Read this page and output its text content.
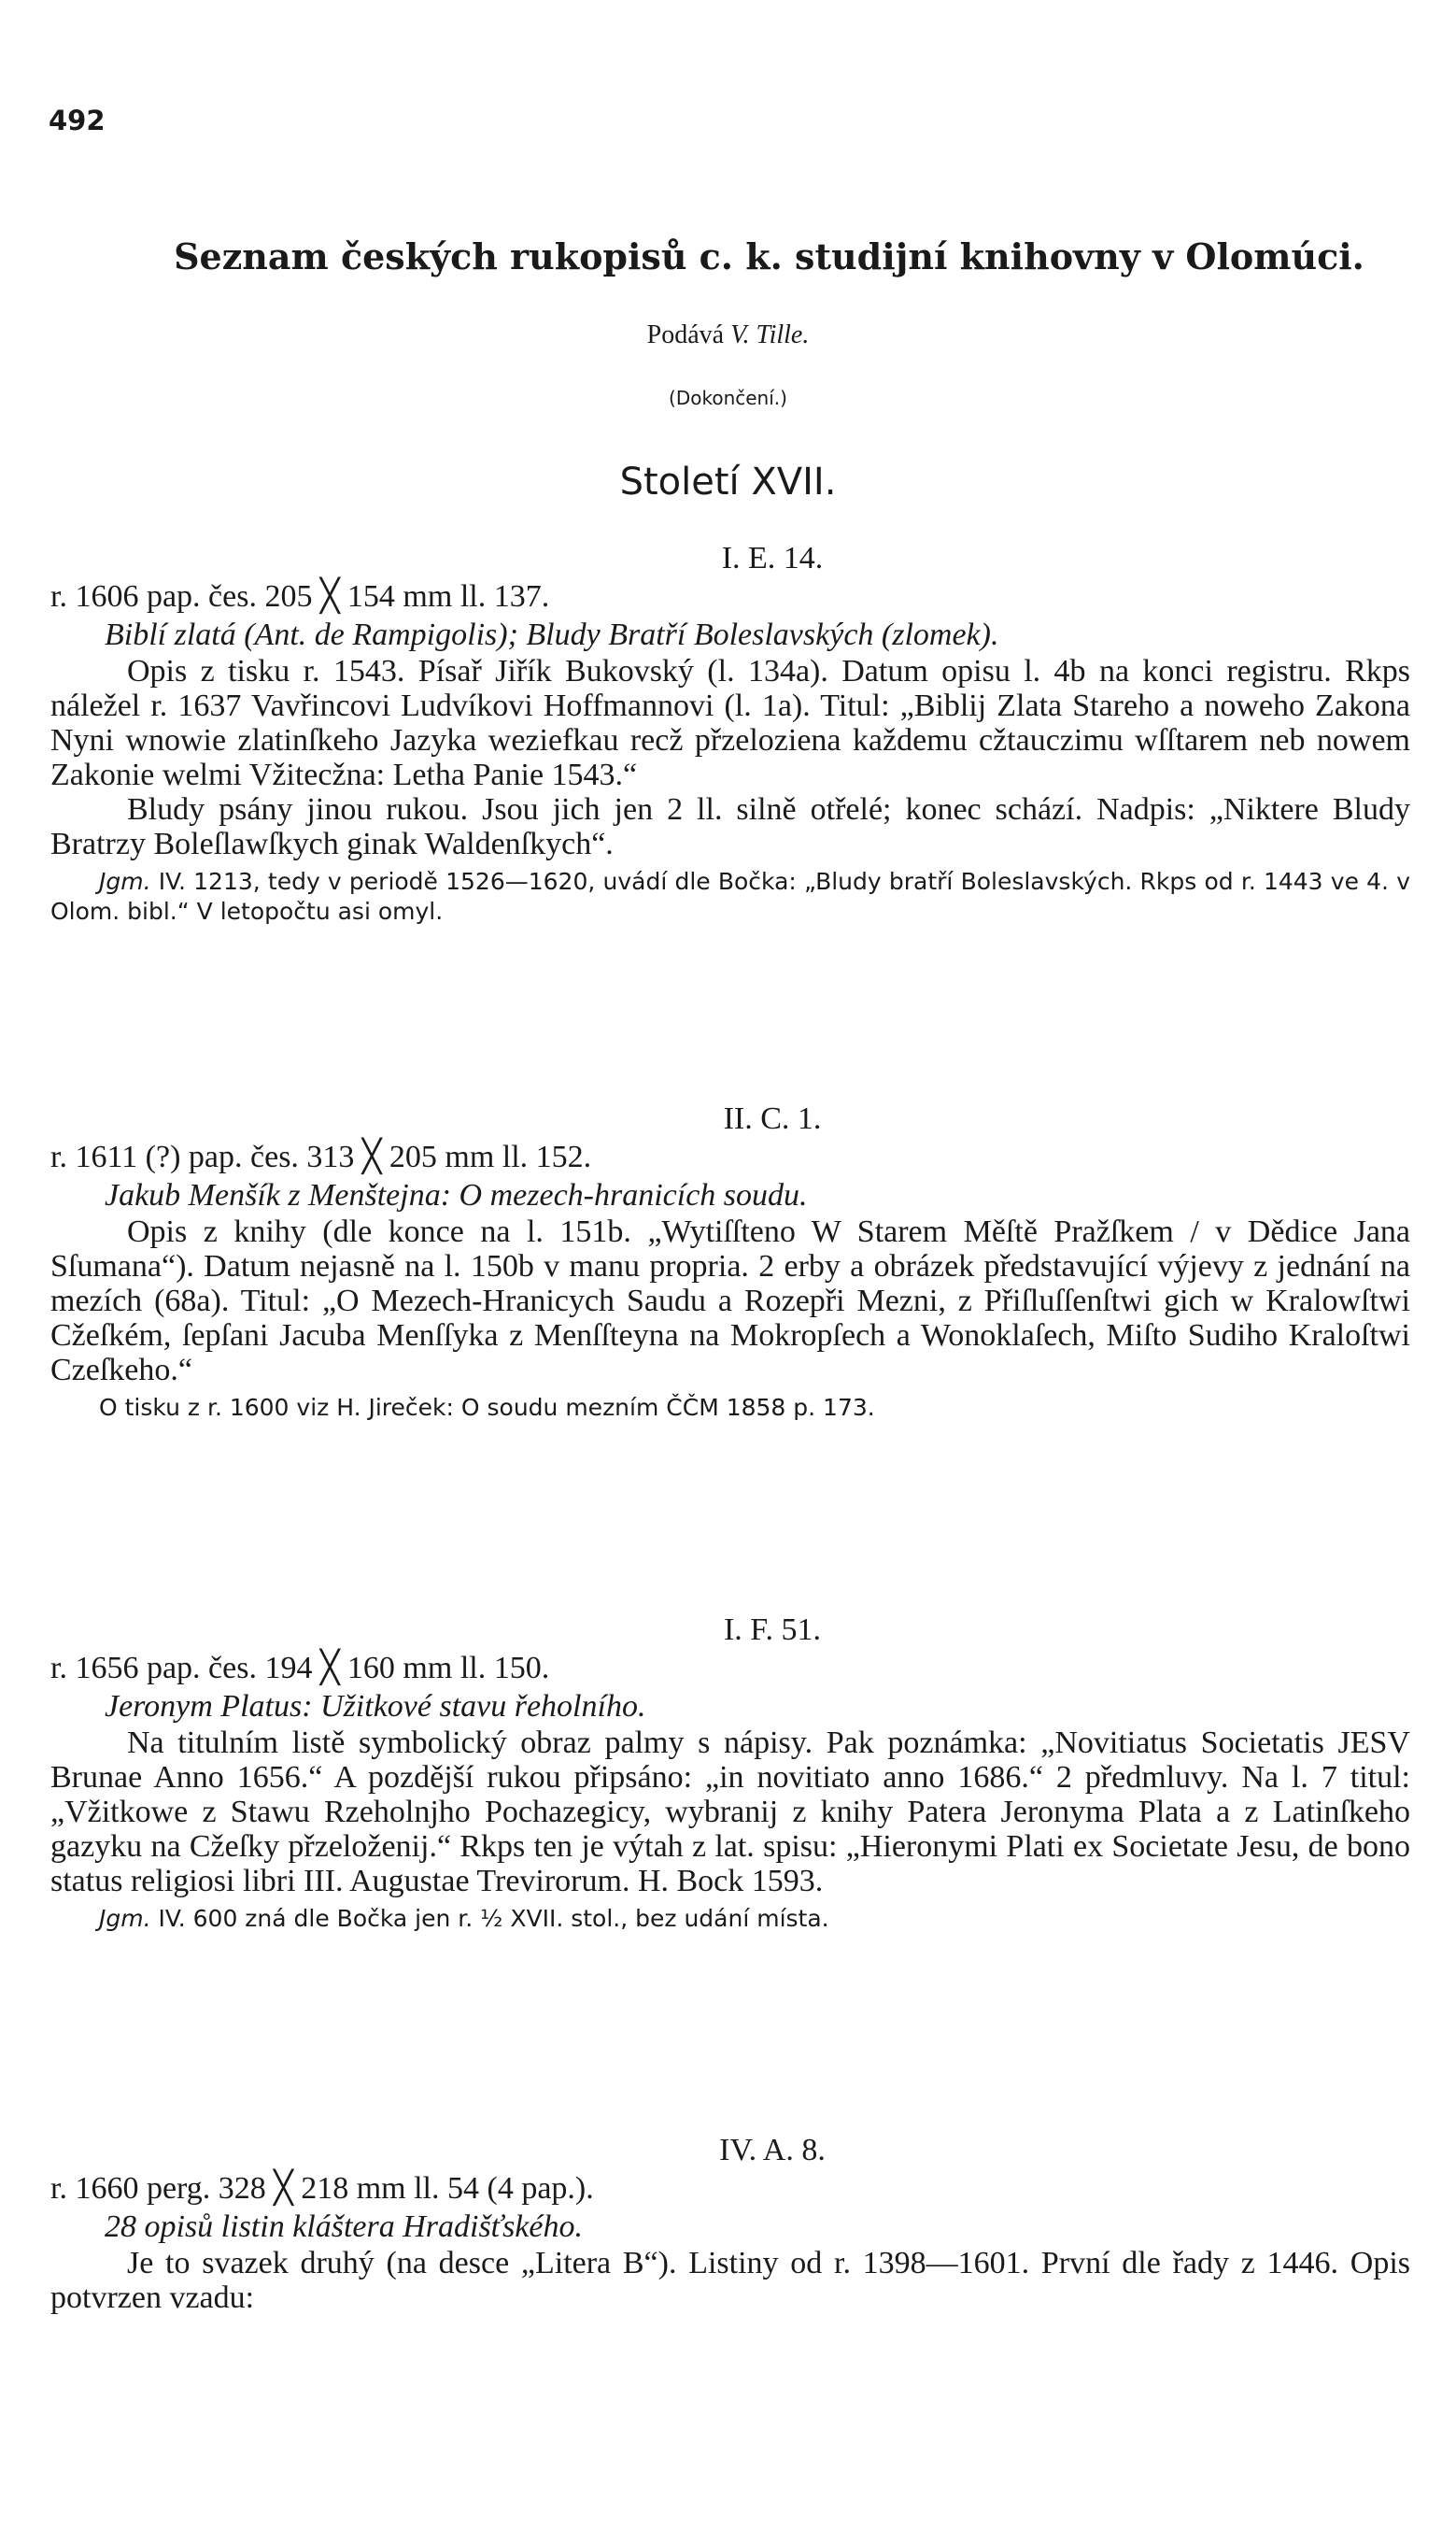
492
Seznam českých rukopisů c. k. studijní knihovny v Olomúci.
Podává V. Tille.
(Dokončení.)
Století XVII.
I. E. 14.
r. 1606 pap. čes. 205 ╳ 154 mm ll. 137.
Biblí zlatá (Ant. de Rampigolis); Bludy Bratří Boleslavských (zlomek).

Opis z tisku r. 1543. Písař Jiřík Bukovský (l. 134a). Datum opisu l. 4b na konci registru. Rkps náležel r. 1637 Vavřincovi Ludvíkovi Hoffmannovi (l. 1a). Titul: „Biblij Zlata Stareho a noweho Zakona Nyni wnowie zlatinſkeho Jazyka weziefkau recž přzeloziena každemu cžtauczimu wſſtarem neb nowem Zakonie welmi Vžitecžna: Letha Panie 1543.“

Bludy psány jinou rukou. Jsou jich jen 2 ll. silně otřelé; konec schází. Nadpis: „Niktere Bludy Bratrzy Boleſlawſkych ginak Waldenſkych“.

Jgm. IV. 1213, tedy v periodě 1526—1620, uvádí dle Bočka: „Bludy bratří Boleslavských. Rkps od r. 1443 ve 4. v Olom. bibl.“ V letopočtu asi omyl.
II. C. 1.
r. 1611 (?) pap. čes. 313 ╳ 205 mm ll. 152.
Jakub Menšík z Menštejna: O mezech-hranicích soudu.

Opis z knihy (dle konce na l. 151b. „Wytiſſteno W Starem Měſtě Pražſkem / v Dědice Jana Sſumana“). Datum nejasně na l. 150b v manu propria. 2 erby a obrázek představující výjevy z jednání na mezích (68a). Titul: „O Mezech-Hranicych Saudu a Rozepři Mezni, z Přiſluſſenſtwi gich w Kralowſtwi Cžeſkém, ſepſani Jacuba Menſſyka z Menſſteyna na Mokropſech a Wonoklaſech, Miſto Sudiho Kraloſtwi Czeſkeho.“

O tisku z r. 1600 viz H. Jireček: O soudu mezním ČČM 1858 p. 173.
I. F. 51.
r. 1656 pap. čes. 194 ╳ 160 mm ll. 150.
Jeronym Platus: Užitkové stavu řeholního.

Na titulním listě symbolický obraz palmy s nápisy. Pak poznámka: „Novitiatus Societatis JESV Brunae Anno 1656.“ A pozdější rukou připsáno: „in novitiato anno 1686.“ 2 předmluvy. Na l. 7 titul: „Vžitkowe z Stawu Rzeholnjho Pochazegicy, wybranij z knihy Patera Jeronyma Plata a z Latinſkeho gazyku na Cžeſky přzeloženij.“ Rkps ten je výtah z lat. spisu: „Hieronymi Plati ex Societate Jesu, de bono status religiosi libri III. Augustae Trevirorum. H. Bock 1593.

Jgm. IV. 600 zná dle Bočka jen r. ½ XVII. stol., bez udání místa.
IV. A. 8.
r. 1660 perg. 328 ╳ 218 mm ll. 54 (4 pap.).
28 opisů listin kláštera Hradišťského.

Je to svazek druhý (na desce „Litera B“). Listiny od r. 1398—1601. První dle řady z 1446. Opis potvrzen vzadu:
